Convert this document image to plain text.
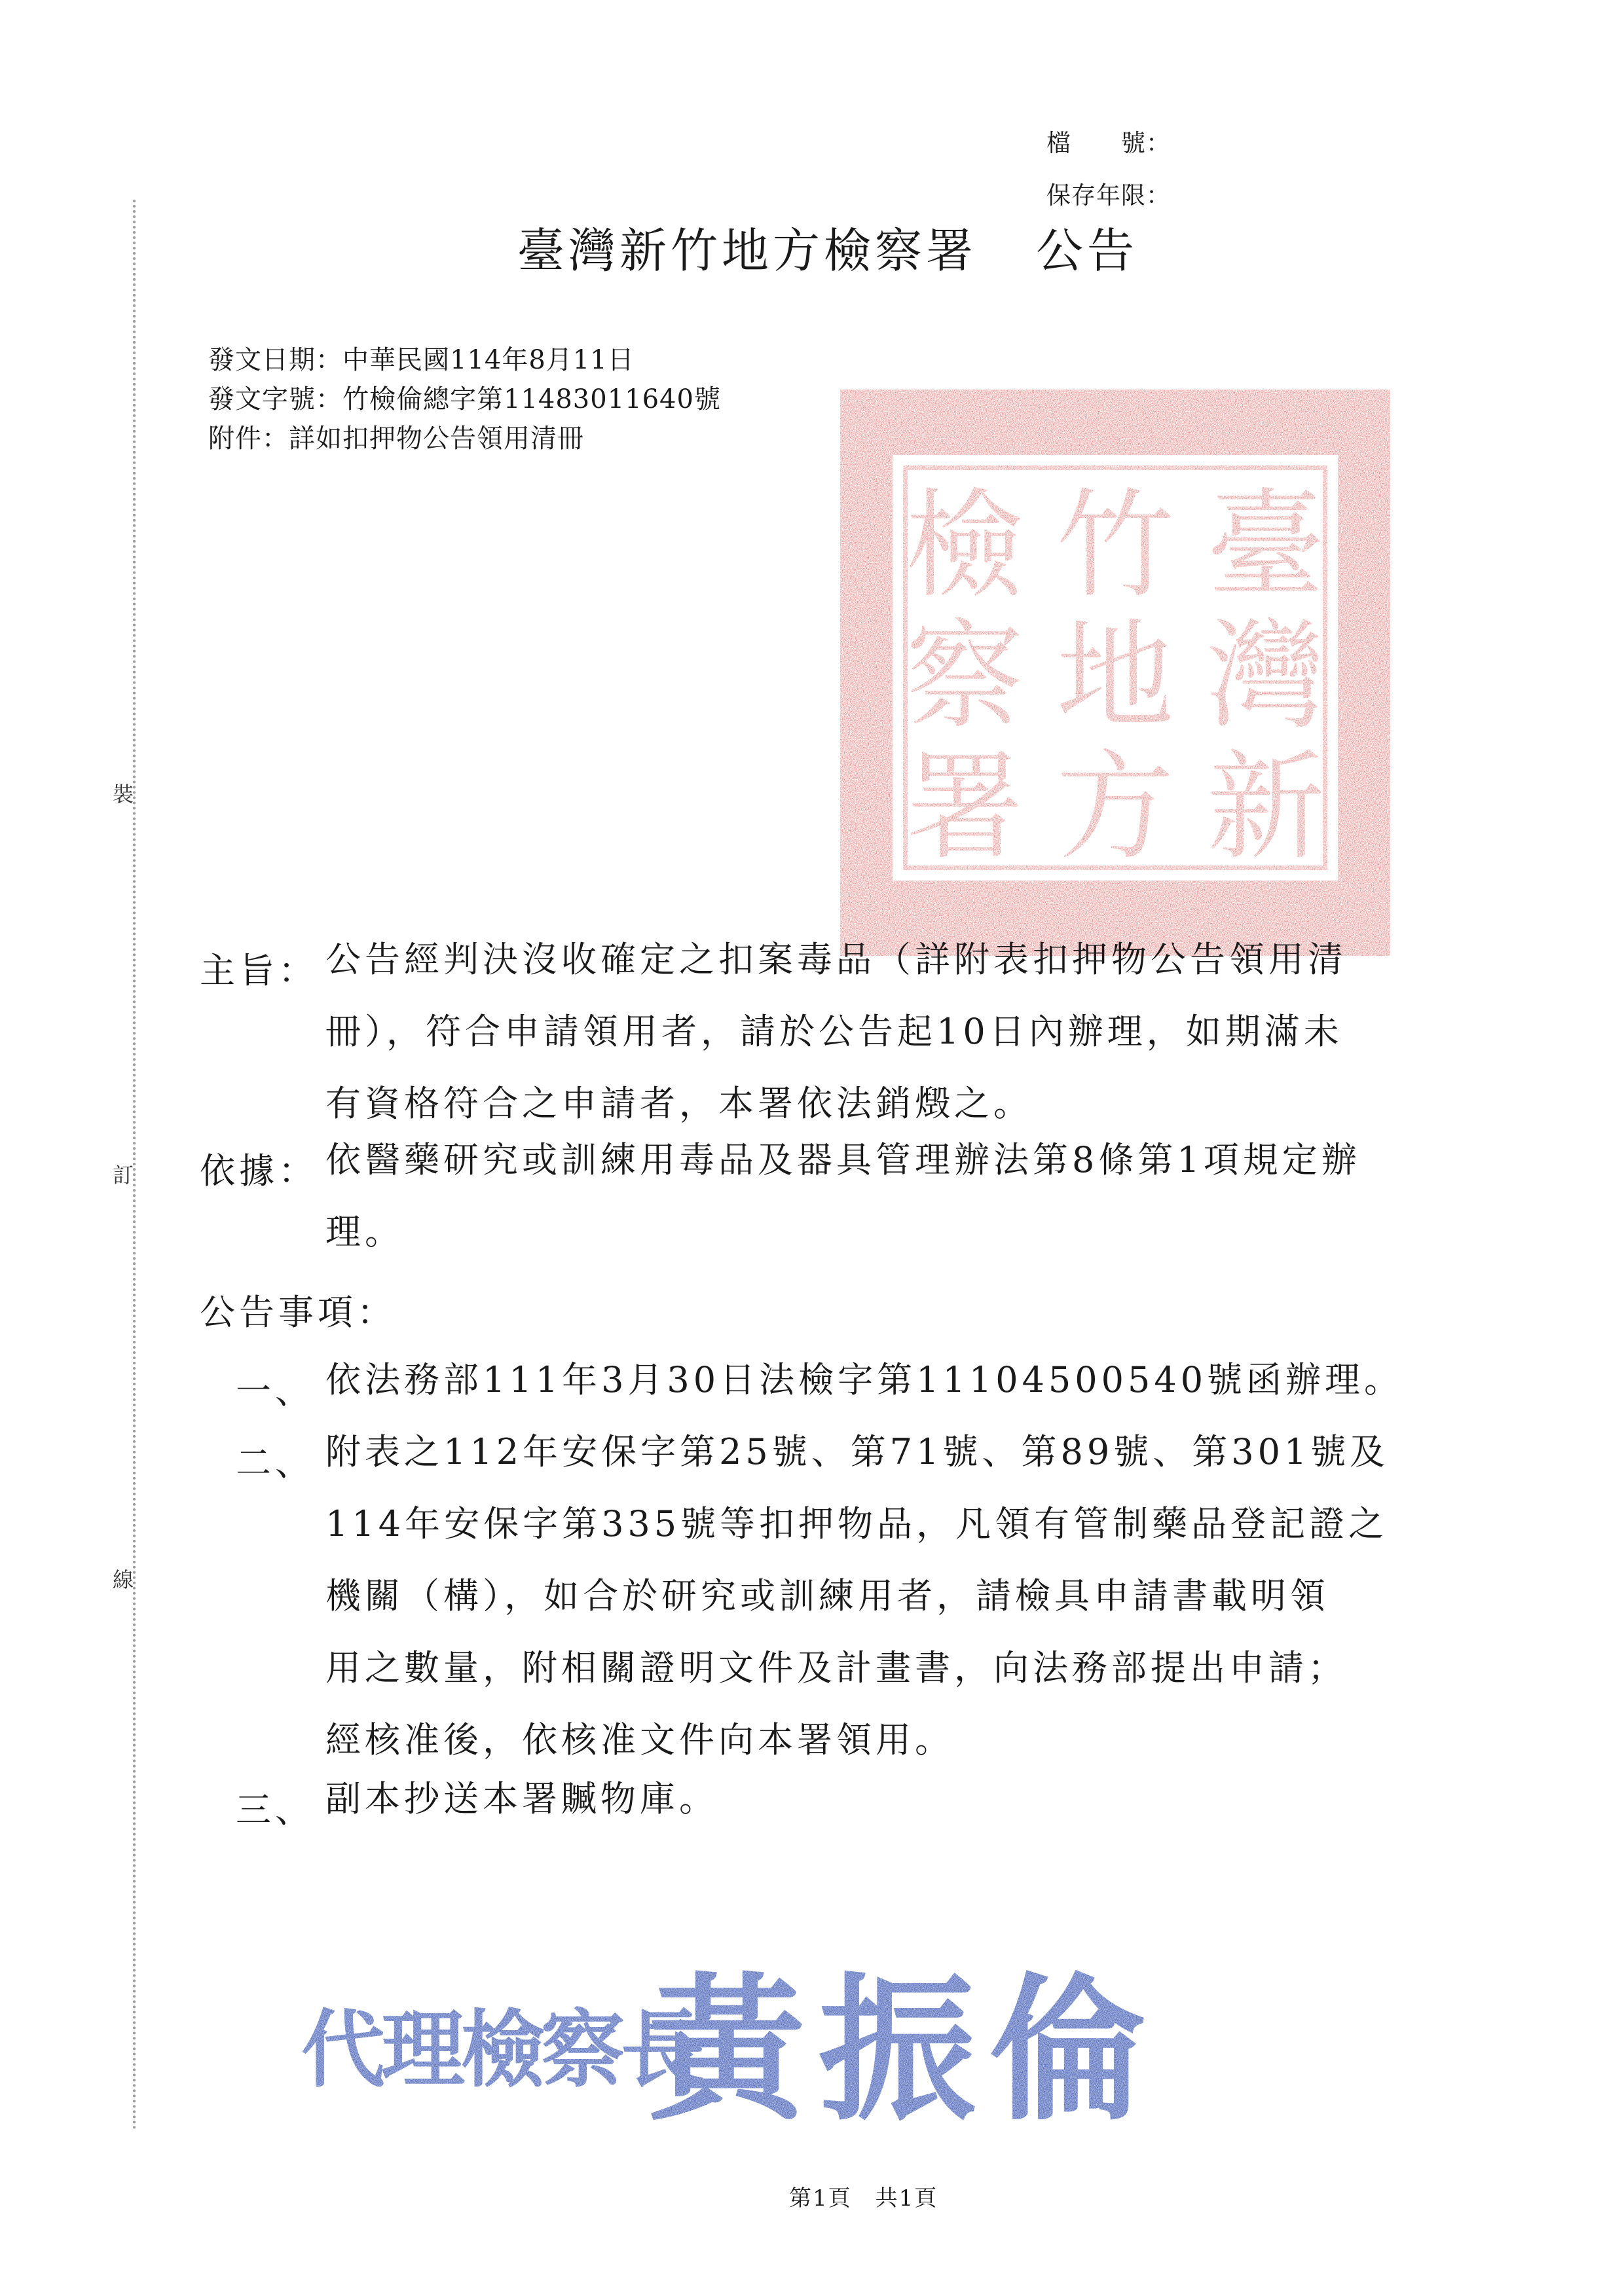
裝
訂
線
檔　　號：
保存年限：
臺灣新竹地方檢察署 公告
發文日期：中華民國114年8月11日
發文字號：竹檢倫總字第11483011640號
附件：詳如扣押物公告領用清冊
臺
灣
新
竹
地
方
檢
察
署
主旨： 公告經判決沒收確定之扣案毒品（詳附表扣押物公告領用清
冊），符合申請領用者，請於公告起10日內辦理，如期滿未
有資格符合之申請者，本署依法銷燬之。
依據： 依醫藥研究或訓練用毒品及器具管理辦法第8條第1項規定辦
理。
公告事項：
一、 依法務部111年3月30日法檢字第11104500540號函辦理。
二、 附表之112年安保字第25號、第71號、第89號、第301號及
114年安保字第335號等扣押物品，凡領有管制藥品登記證之
機關（構），如合於研究或訓練用者，請檢具申請書載明領
用之數量，附相關證明文件及計畫書，向法務部提出申請；
經核准後，依核准文件向本署領用。
三、 副本抄送本署贓物庫。
代理檢察長
黃振倫
第1頁　共1頁
